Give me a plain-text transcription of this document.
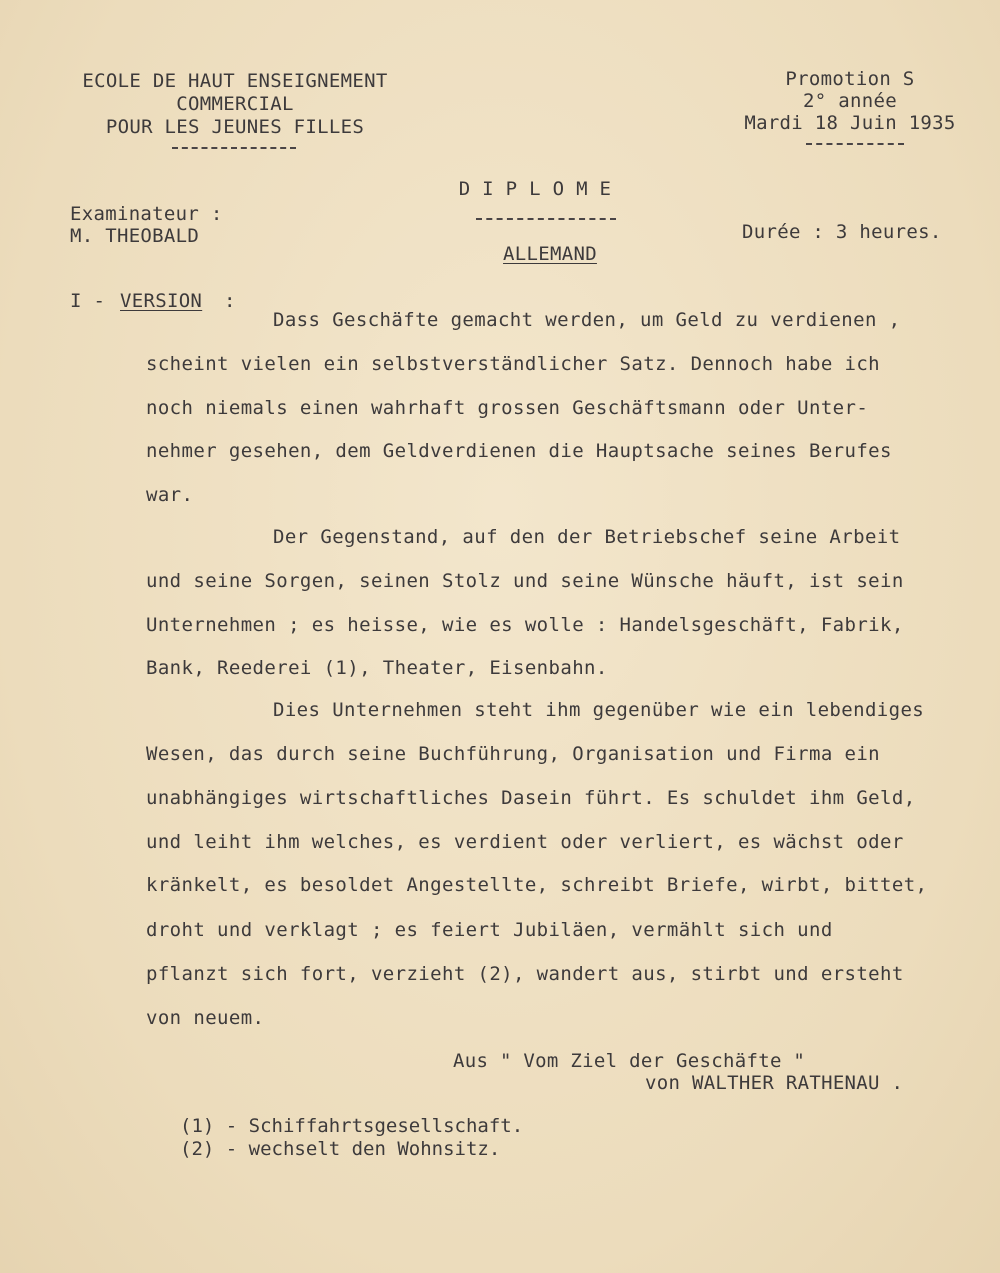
ECOLE DE HAUT ENSEIGNEMENT
COMMERCIAL
POUR LES JEUNES FILLES
Promotion S
2° année
Mardi 18 Juin 1935
D I P L O M E
ALLEMAND
Examinateur :
M. THEOBALD	Durée : 3 heures.
I - VERSION :
Dass Geschäfte gemacht werden, um Geld zu verdienen ,
scheint vielen ein selbstverständlicher Satz. Dennoch habe ich
noch niemals einen wahrhaft grossen Geschäftsmann oder Unter-
nehmer gesehen, dem Geldverdienen die Hauptsache seines Berufes
war.
Der Gegenstand, auf den der Betriebschef seine Arbeit
und seine Sorgen, seinen Stolz und seine Wünsche häuft, ist sein
Unternehmen ; es heisse, wie es wolle : Handelsgeschäft, Fabrik,
Bank, Reederei (1), Theater, Eisenbahn.
Dies Unternehmen steht ihm gegenüber wie ein lebendiges
Wesen, das durch seine Buchführung, Organisation und Firma ein
unabhängiges wirtschaftliches Dasein führt. Es schuldet ihm Geld,
und leiht ihm welches, es verdient oder verliert, es wächst oder
kränkelt, es besoldet Angestellte, schreibt Briefe, wirbt, bittet,
droht und verklagt ; es feiert Jubiläen, vermählt sich und
pflanzt sich fort, verzieht (2), wandert aus, stirbt und ersteht
von neuem.
Aus " Vom Ziel der Geschäfte "
von WALTHER RATHENAU .
(1) - Schiffahrtsgesellschaft.
(2) - wechselt den Wohnsitz.
